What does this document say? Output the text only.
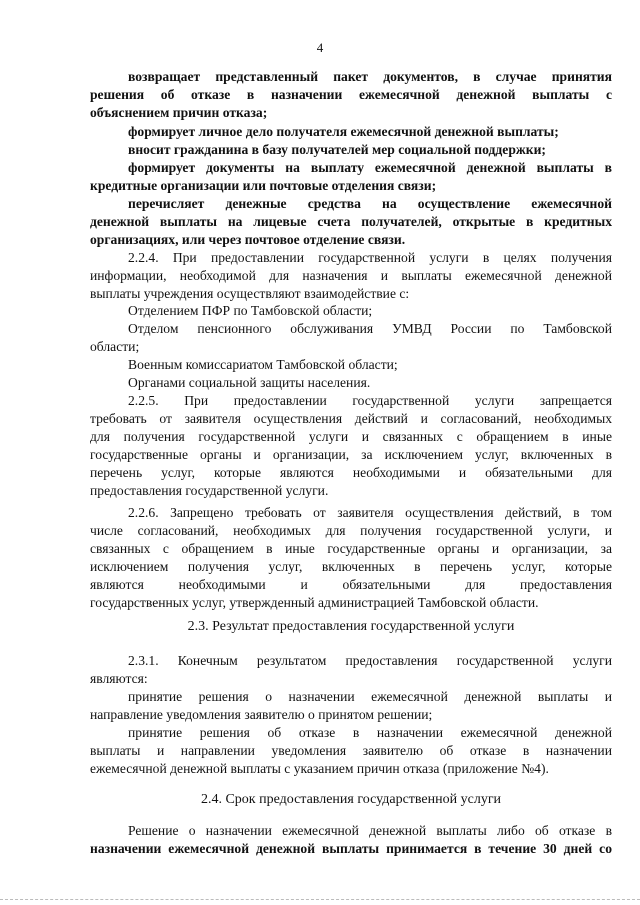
4
возвращает представленный пакет документов, в случае принятия
решения об отказе в назначении ежемесячной денежной выплаты с
объяснением причин отказа;
формирует личное дело получателя ежемесячной денежной выплаты;
вносит гражданина в базу получателей мер социальной поддержки;
формирует документы на выплату ежемесячной денежной выплаты в
кредитные организации или почтовые отделения связи;
перечисляет денежные средства на осуществление ежемесячной
денежной выплаты на лицевые счета получателей, открытые в кредитных
организациях, или через почтовое отделение связи.
2.2.4. При предоставлении государственной услуги в целях получения
информации, необходимой для назначения и выплаты ежемесячной денежной
выплаты учреждения осуществляют взаимодействие с:
Отделением ПФР по Тамбовской области;
Отделом пенсионного обслуживания УМВД России по Тамбовской
области;
Военным комиссариатом Тамбовской области;
Органами социальной защиты населения.
2.2.5. При предоставлении государственной услуги запрещается
требовать от заявителя осуществления действий и согласований, необходимых
для получения государственной услуги и связанных с обращением в иные
государственные органы и организации, за исключением услуг, включенных в
перечень услуг, которые являются необходимыми и обязательными для
предоставления государственной услуги.
2.2.6. Запрещено требовать от заявителя осуществления действий, в том
числе согласований, необходимых для получения государственной услуги, и
связанных с обращением в иные государственные органы и организации, за
исключением получения услуг, включенных в перечень услуг, которые
являются необходимыми и обязательными для предоставления
государственных услуг, утвержденный администрацией Тамбовской области.
2.3. Результат предоставления государственной услуги
2.3.1. Конечным результатом предоставления государственной услуги
являются:
принятие решения о назначении ежемесячной денежной выплаты и
направление уведомления заявителю о принятом решении;
принятие решения об отказе в назначении ежемесячной денежной
выплаты и направлении уведомления заявителю об отказе в назначении
ежемесячной денежной выплаты с указанием причин отказа (приложение №4).
2.4. Срок предоставления государственной услуги
Решение о назначении ежемесячной денежной выплаты либо об отказе в
назначении ежемесячной денежной выплаты принимается в течение 30 дней со
